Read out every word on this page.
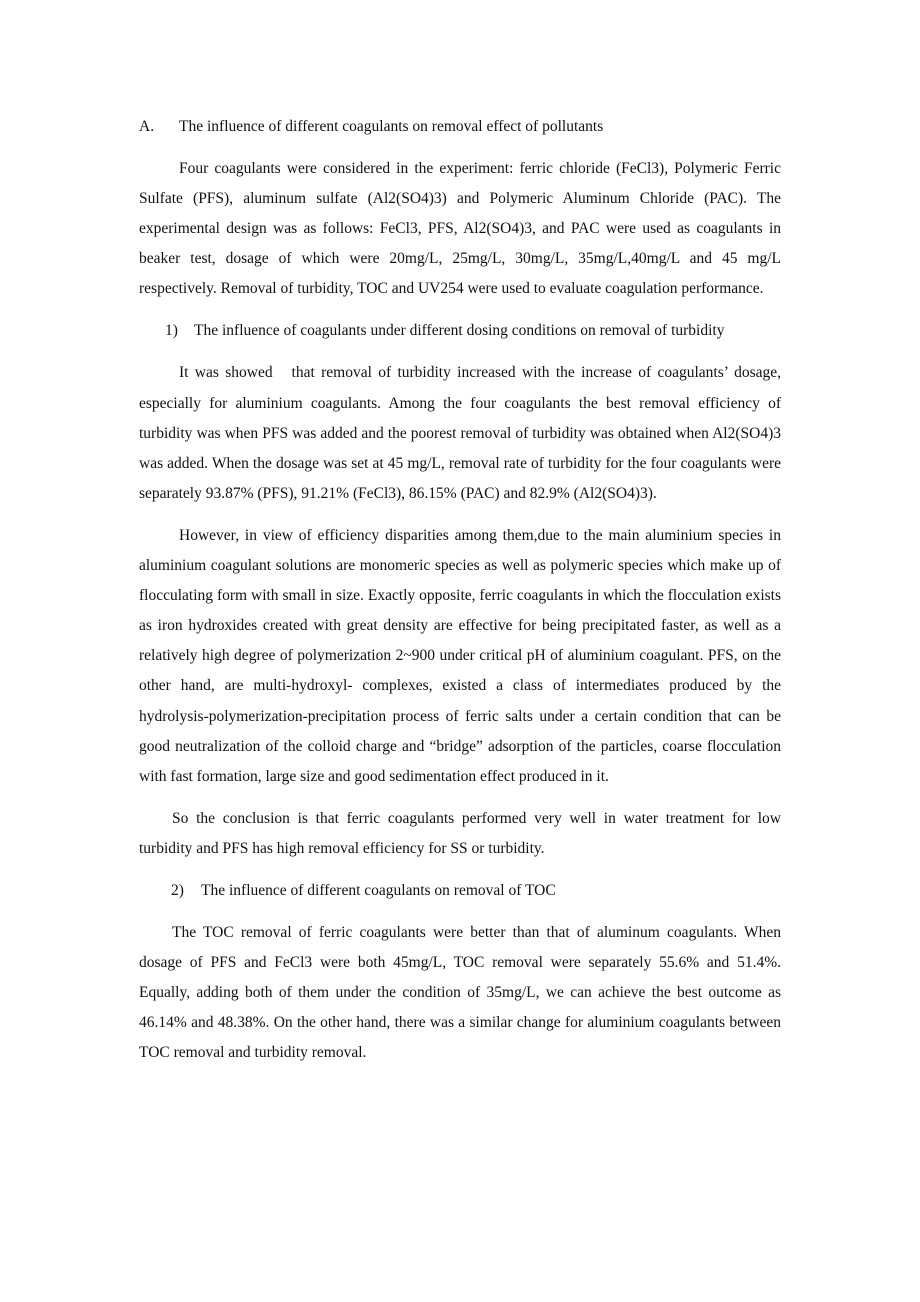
A. The influence of different coagulants on removal effect of pollutants

Four coagulants were considered in the experiment: ferric chloride (FeCl3), Polymeric Ferric Sulfate (PFS), aluminum sulfate (Al2(SO4)3) and Polymeric Aluminum Chloride (PAC). The experimental design was as follows: FeCl3, PFS, Al2(SO4)3, and PAC were used as coagulants in beaker test, dosage of which were 20mg/L, 25mg/L, 30mg/L, 35mg/L,40mg/L and 45 mg/L respectively. Removal of turbidity, TOC and UV254 were used to evaluate coagulation performance.

1) The influence of coagulants under different dosing conditions on removal of turbidity

It was showed   that removal of turbidity increased with the increase of coagulants’ dosage, especially for aluminium coagulants. Among the four coagulants the best removal efficiency of turbidity was when PFS was added and the poorest removal of turbidity was obtained when Al2(SO4)3 was added. When the dosage was set at 45 mg/L, removal rate of turbidity for the four coagulants were separately 93.87% (PFS), 91.21% (FeCl3), 86.15% (PAC) and 82.9% (Al2(SO4)3).

However, in view of efficiency disparities among them,due to the main aluminium species in aluminium coagulant solutions are monomeric species as well as polymeric species which make up of flocculating form with small in size. Exactly opposite, ferric coagulants in which the flocculation exists as iron hydroxides created with great density are effective for being precipitated faster, as well as a relatively high degree of polymerization 2~900 under critical pH of aluminium coagulant. PFS, on the other hand, are multi-hydroxyl- complexes, existed a class of intermediates produced by the hydrolysis-polymerization-precipitation process of ferric salts under a certain condition that can be good neutralization of the colloid charge and “bridge” adsorption of the particles, coarse flocculation with fast formation, large size and good sedimentation effect produced in it.

So the conclusion is that ferric coagulants performed very well in water treatment for low turbidity and PFS has high removal efficiency for SS or turbidity.

2) The influence of different coagulants on removal of TOC

The TOC removal of ferric coagulants were better than that of aluminum coagulants. When dosage of PFS and FeCl3 were both 45mg/L, TOC removal were separately 55.6% and 51.4%. Equally, adding both of them under the condition of 35mg/L, we can achieve the best outcome as 46.14% and 48.38%. On the other hand, there was a similar change for aluminium coagulants between TOC removal and turbidity removal.
